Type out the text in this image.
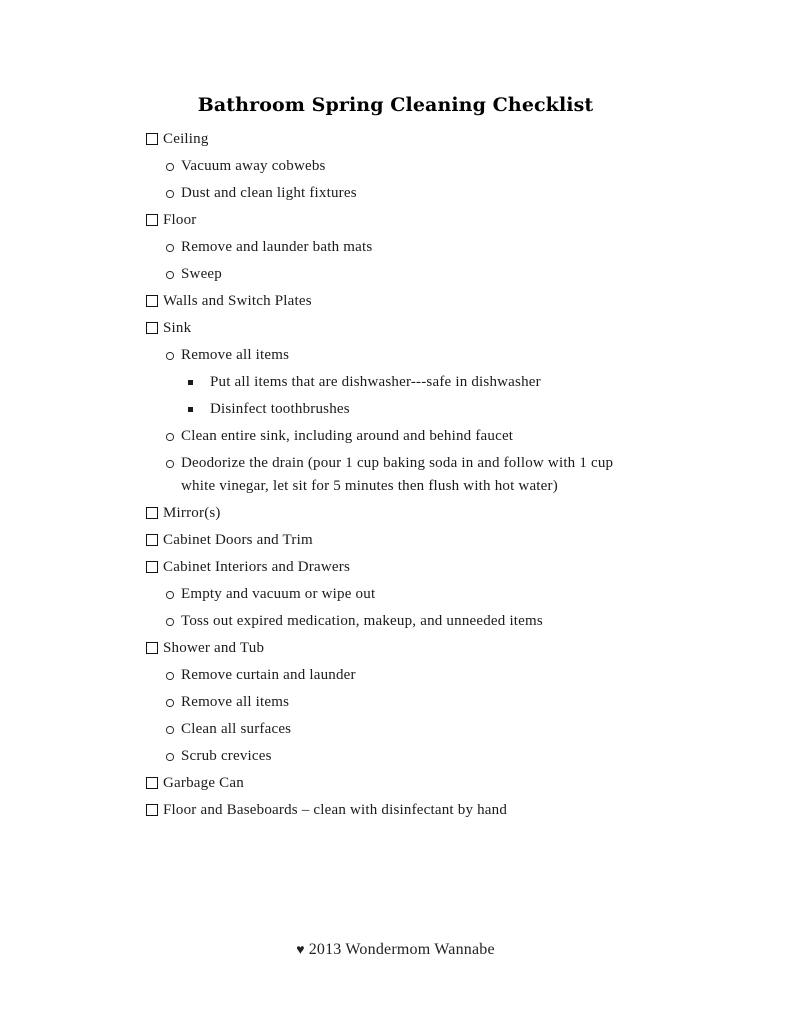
Bathroom Spring Cleaning Checklist
Ceiling
Vacuum away cobwebs
Dust and clean light fixtures
Floor
Remove and launder bath mats
Sweep
Walls and Switch Plates
Sink
Remove all items
Put all items that are dishwasher---safe in dishwasher
Disinfect toothbrushes
Clean entire sink, including around and behind faucet
Deodorize the drain (pour 1 cup baking soda in and follow with 1 cup white vinegar, let sit for 5 minutes then flush with hot water)
Mirror(s)
Cabinet Doors and Trim
Cabinet Interiors and Drawers
Empty and vacuum or wipe out
Toss out expired medication, makeup, and unneeded items
Shower and Tub
Remove curtain and launder
Remove all items
Clean all surfaces
Scrub crevices
Garbage Can
Floor and Baseboards – clean with disinfectant by hand
♥ 2013 Wondermom Wannabe
